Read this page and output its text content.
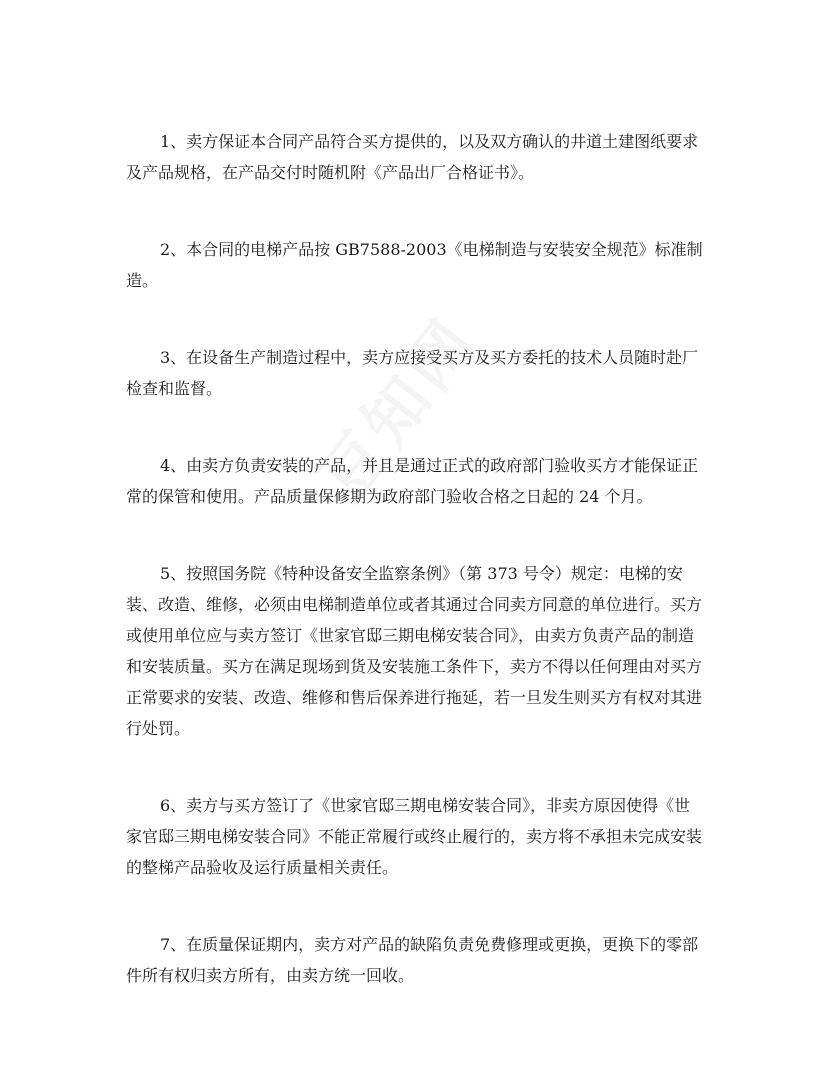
1、卖方保证本合同产品符合买方提供的，以及双方确认的井道土建图纸要求
及产品规格，在产品交付时随机附《产品出厂合格证书》。

2、本合同的电梯产品按 GB7588-2003《电梯制造与安装安全规范》标准制
造。

3、在设备生产制造过程中，卖方应接受买方及买方委托的技术人员随时赴厂
检查和监督。

4、由卖方负责安装的产品，并且是通过正式的政府部门验收买方才能保证正
常的保管和使用。产品质量保修期为政府部门验收合格之日起的 24 个月。

5、按照国务院《特种设备安全监察条例》（第 373 号令）规定：电梯的安
装、改造、维修，必须由电梯制造单位或者其通过合同卖方同意的单位进行。买方
或使用单位应与卖方签订《世家官邸三期电梯安装合同》，由卖方负责产品的制造
和安装质量。买方在满足现场到货及安装施工条件下，卖方不得以任何理由对买方
正常要求的安装、改造、维修和售后保养进行拖延，若一旦发生则买方有权对其进
行处罚。

6、卖方与买方签订了《世家官邸三期电梯安装合同》，非卖方原因使得《世
家官邸三期电梯安装合同》不能正常履行或终止履行的，卖方将不承担未完成安装
的整梯产品验收及运行质量相关责任。

7、在质量保证期内，卖方对产品的缺陷负责免费修理或更换，更换下的零部
件所有权归卖方所有，由卖方统一回收。
